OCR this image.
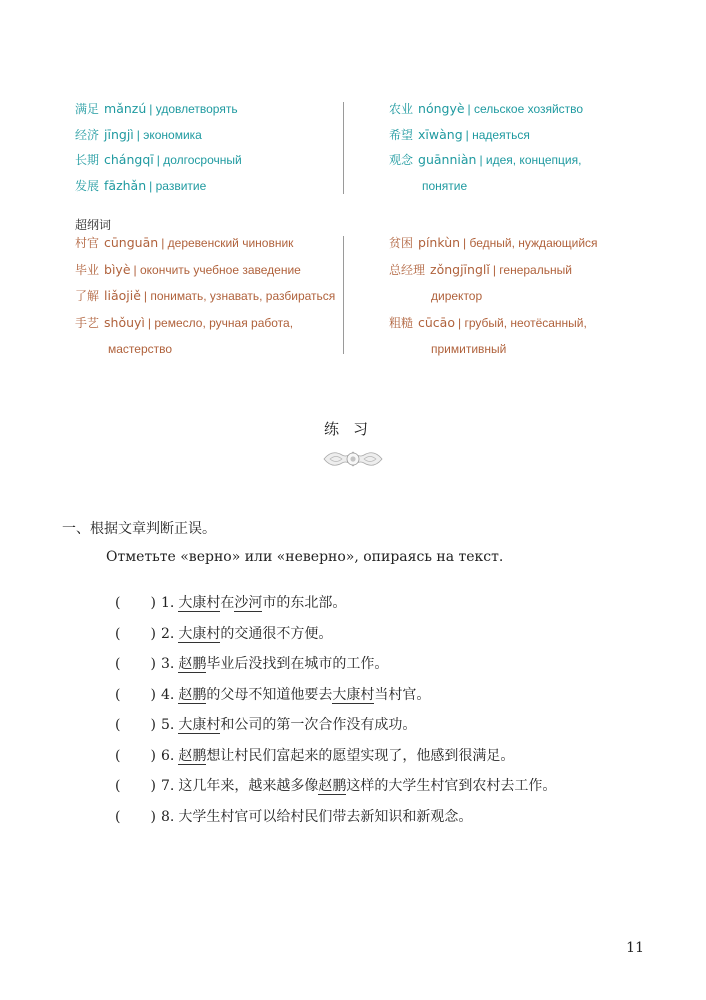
满足 mǎnzú | удовлетворять
经济 jīngjì | экономика
长期 chángqī | долгосрочный
发展 fāzhǎn | развитие
农业 nóngyè | сельское хозяйство
希望 xīwàng | надеяться
观念 guānniàn | идея, концепция,
понятие
超纲词
村官 cūnguān | деревенский чиновник
毕业 bìyè | окончить учебное заведение
了解 liǎojiě | понимать, узнавать, разбираться
手艺 shǒuyì | ремесло, ручная работа,
мастерство
贫困 pínkùn | бедный, нуждающийся
总经理 zǒngjīnglǐ | генеральный
директор
粗糙 cūcāo | грубый, неотёсанный,
примитивный
练习
一、根据文章判断正误。
Отметьте «верно» или «неверно», опираясь на текст.
( ) 1. 大康村在沙河市的东北部。
( ) 2. 大康村的交通很不方便。
( ) 3. 赵鹏毕业后没找到在城市的工作。
( ) 4. 赵鹏的父母不知道他要去大康村当村官。
( ) 5. 大康村和公司的第一次合作没有成功。
( ) 6. 赵鹏想让村民们富起来的愿望实现了，他感到很满足。
( ) 7. 这几年来，越来越多像赵鹏这样的大学生村官到农村去工作。
( ) 8. 大学生村官可以给村民们带去新知识和新观念。
11
